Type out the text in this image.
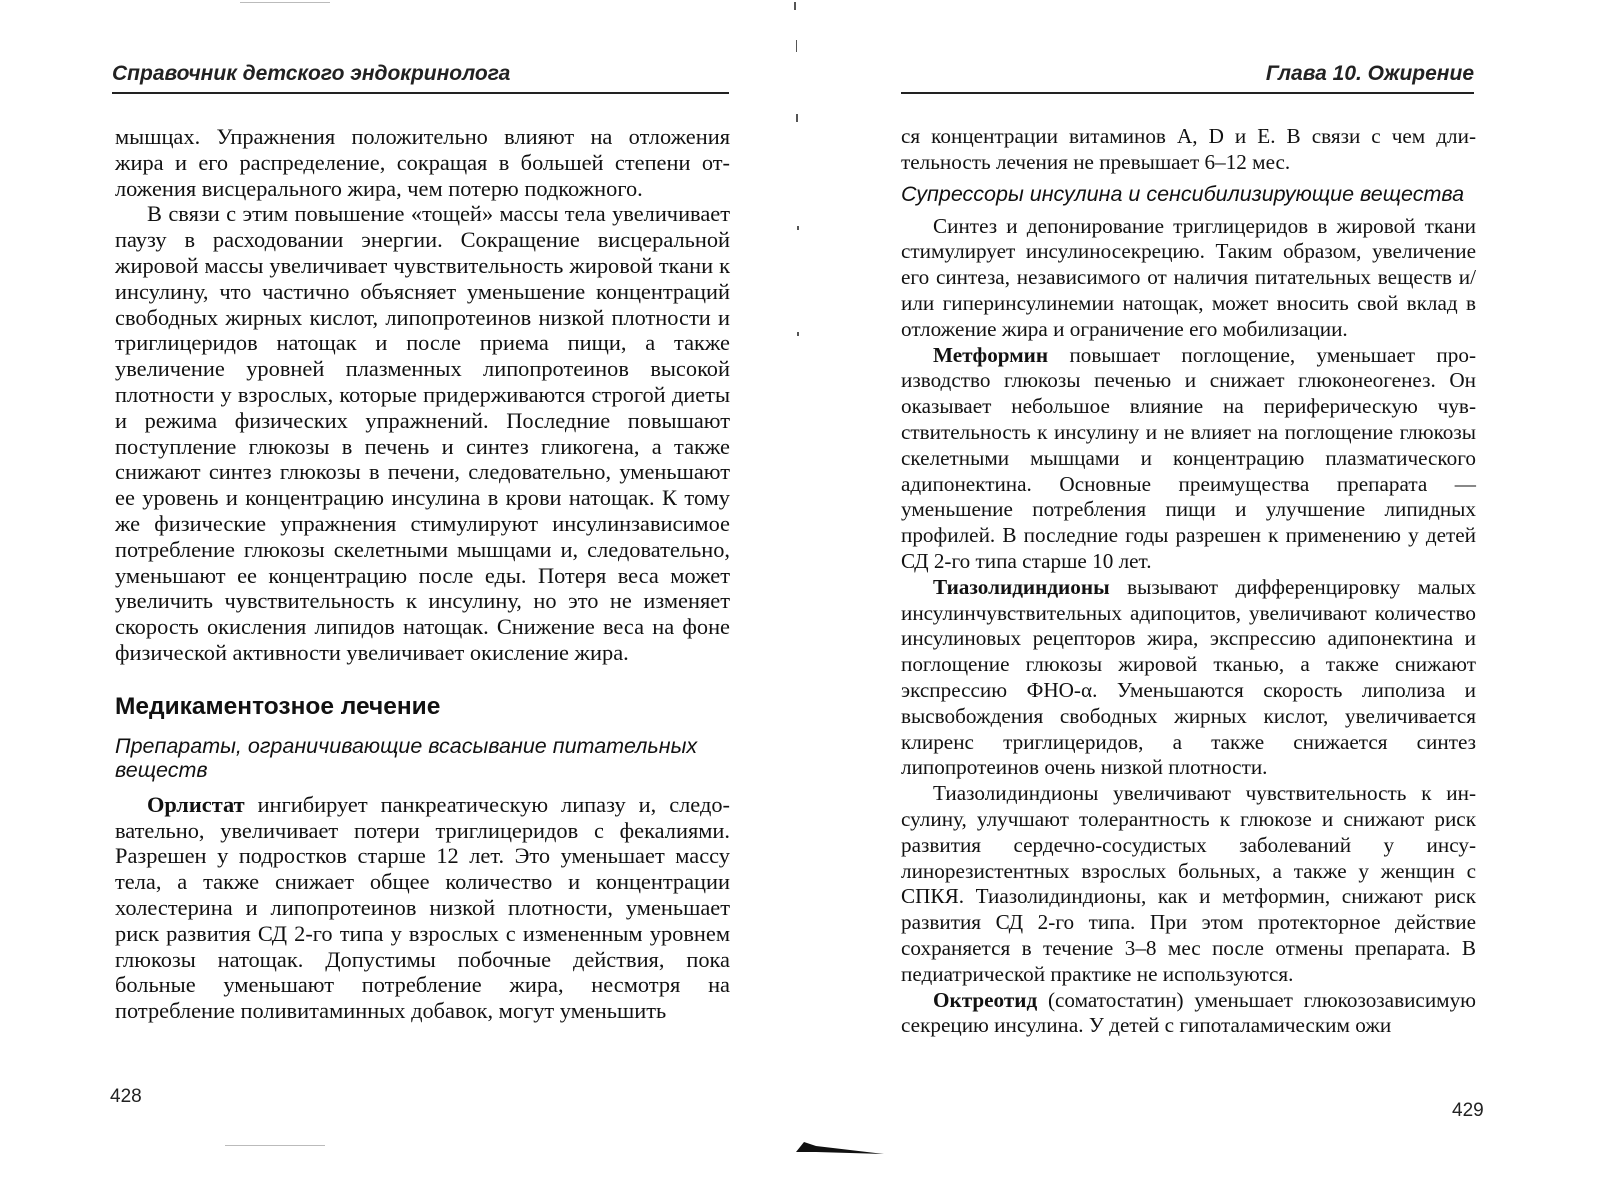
Справочник детского эндокринолога

мышцах. Упражнения положительно влияют на отложения жира и его распределение, сокращая в большей степени отложения висцерального жира, чем потерю подкожного.

В связи с этим повышение «тощей» массы тела увеличивает паузу в расходовании энергии. Сокращение висцеральной жировой массы увеличивает чувствительность жировой ткани к инсулину, что частично объясняет уменьшение концентраций свободных жирных кислот, липопротеинов низкой плотности и триглицеридов натощак и после приема пищи, а также увеличение уровней плазменных липопротеинов высокой плотности у взрослых, которые придерживаются строгой диеты и режима физических упражнений. Последние повышают поступление глюкозы в печень и синтез гликогена, а также снижают синтез глюкозы в печени, следовательно, уменьшают ее уровень и концентрацию инсулина в крови натощак. К тому же физические упражнения стимулируют инсулинзависимое потребление глюкозы скелетными мышцами и, следовательно, уменьшают ее концентрацию после еды. Потеря веса может увеличить чувствительность к инсулину, но это не изменяет скорость окисления липидов натощак. Снижение веса на фоне физической активности увеличивает окисление жира.

Медикаментозное лечение
Препараты, ограничивающие всасывание питательных веществ

Орлистат ингибирует панкреатическую липазу и, следовательно, увеличивает потери триглицеридов с фекалиями. Разрешен у подростков старше 12 лет. Это уменьшает массу тела, а также снижает общее количество и концентрации холестерина и липопротеинов низкой плотности, уменьшает риск развития СД 2-го типа у взрослых с измененным уровнем глюкозы натощак. Допустимы побочные действия, пока больные уменьшают потребление жира, несмотря на потребление поливитаминных добавок, могут уменьшить

428
Глава 10. Ожирение

ся концентрации витаминов А, D и Е. В связи с чем длительность лечения не превышает 6–12 мес.

Супрессоры инсулина и сенсибилизирующие вещества

Синтез и депонирование триглицеридов в жировой ткани стимулирует инсулиносекрецию. Таким образом, увеличение его синтеза, независимого от наличия питательных веществ и/или гиперинсулинемии натощак, может вносить свой вклад в отложение жира и ограничение его мобилизации.

Метформин повышает поглощение, уменьшает производство глюкозы печенью и снижает глюконеогенез. Он оказывает небольшое влияние на периферическую чувствительность к инсулину и не влияет на поглощение глюкозы скелетными мышцами и концентрацию плазматического адипонектина. Основные преимущества препарата — уменьшение потребления пищи и улучшение липидных профилей. В последние годы разрешен к применению у детей СД 2-го типа старше 10 лет.

Тиазолидиндионы вызывают дифференцировку малых инсулинчувствительных адипоцитов, увеличивают количество инсулиновых рецепторов жира, экспрессию адипонектина и поглощение глюкозы жировой тканью, а также снижают экспрессию ФНО-α. Уменьшаются скорость липолиза и высвобождения свободных жирных кислот, увеличивается клиренс триглицеридов, а также снижается синтез липопротеинов очень низкой плотности.

Тиазолидиндионы увеличивают чувствительность к инсулину, улучшают толерантность к глюкозе и снижают риск развития сердечно-сосудистых заболеваний у инсулинорезистентных взрослых больных, а также у женщин с СПКЯ. Тиазолидиндионы, как и метформин, снижают риск развития СД 2-го типа. При этом протекторное действие сохраняется в течение 3–8 мес после отмены препарата. В педиатрической практике не используются.

Октреотид (соматостатин) уменьшает глюкозозависимую секрецию инсулина. У детей с гипоталамическим ожи

429
